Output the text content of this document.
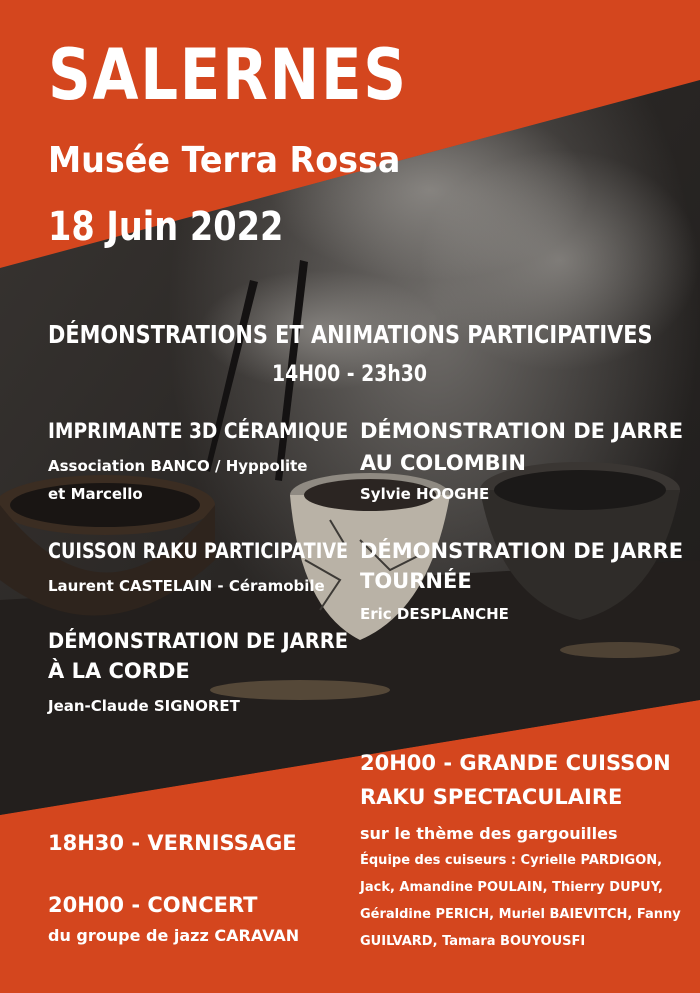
SALERNES
Musée Terra Rossa
18 Juin 2022
DÉMONSTRATIONS ET ANIMATIONS PARTICIPATIVES
14H00 - 23h30
IMPRIMANTE 3D CÉRAMIQUE
Association BANCO / Hyppolite
et Marcello
DÉMONSTRATION DE JARRE
AU COLOMBIN
Sylvie HOOGHE
CUISSON RAKU PARTICIPATIVE
Laurent CASTELAIN - Céramobile
DÉMONSTRATION DE JARRE
TOURNÉE
Eric DESPLANCHE
DÉMONSTRATION DE JARRE
À LA CORDE
Jean-Claude SIGNORET
20H00 - GRANDE CUISSON
RAKU SPECTACULAIRE
sur le thème des gargouilles
Équipe des cuiseurs : Cyrielle PARDIGON,
Jack, Amandine POULAIN, Thierry DUPUY,
Géraldine PERICH, Muriel BAIEVITCH, Fanny
GUILVARD, Tamara BOUYOUSFI
18H30 - VERNISSAGE
20H00 - CONCERT
du groupe de jazz CARAVAN
